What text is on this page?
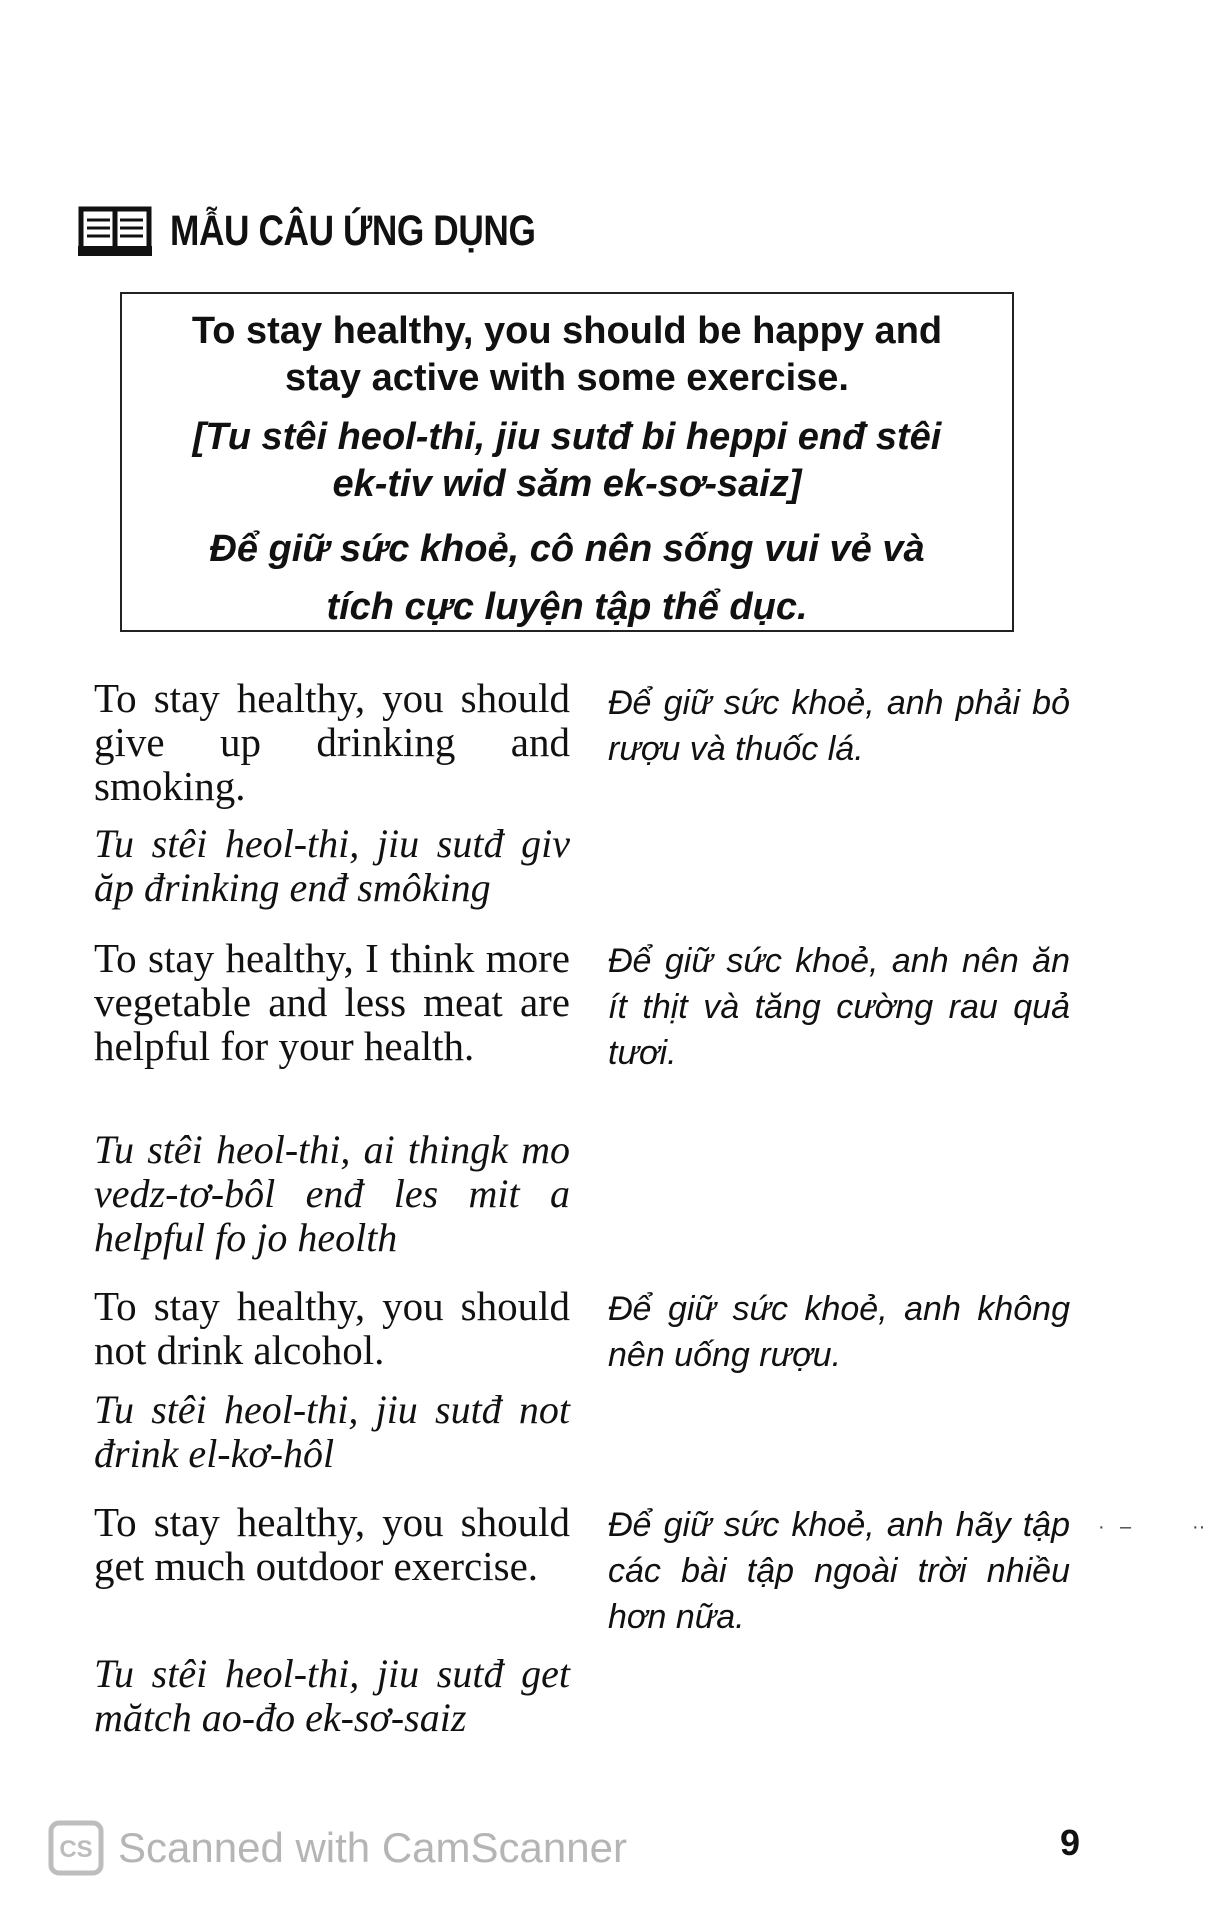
MẪU CÂU ỨNG DỤNG
To stay healthy, you should be happy and
stay active with some exercise.
[Tu stêi heol-thi, jiu sutđ bi heppi enđ stêi
ek-tiv wid săm ek-sơ-saiz]
Để giữ sức khoẻ, cô nên sống vui vẻ và
tích cực luyện tập thể dục.
To stay healthy, you should give up drinking and smoking.
Tu stêi heol-thi, jiu sutđ giv ăp đrinking enđ smôking
Để giữ sức khoẻ, anh phải bỏ rượu và thuốc lá.
To stay healthy, I think more vegetable and less meat are helpful for your health.
Tu stêi heol-thi, ai thingk mo vedz-tơ-bôl enđ les mit a helpful fo jo heolth
Để giữ sức khoẻ, anh nên ăn ít thịt và tăng cường rau quả tươi.
To stay healthy, you should not drink alcohol.
Tu stêi heol-thi, jiu sutđ not đrink el-kơ-hôl
Để giữ sức khoẻ, anh không nên uống rượu.
To stay healthy, you should get much outdoor exercise.
Tu stêi heol-thi, jiu sutđ get mătch ao-đo ek-sơ-saiz
Để giữ sức khoẻ, anh hãy tập các bài tập ngoài trời nhiều hơn nữa.
· –	··
CS Scanned with CamScanner	9
